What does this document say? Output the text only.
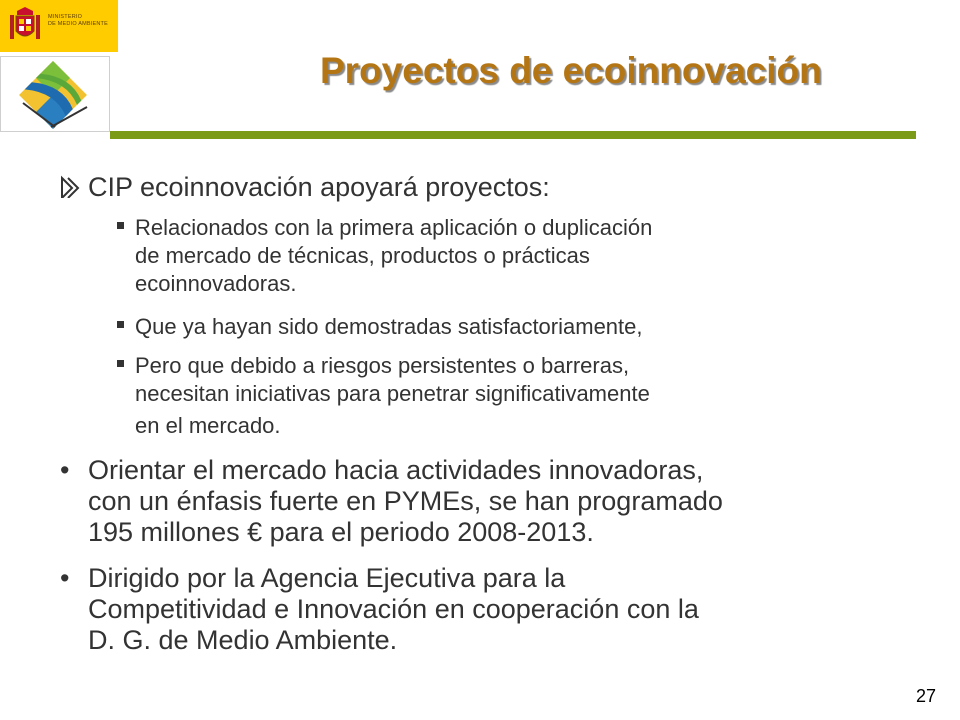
MINISTERIO
DE MEDIO AMBIENTE
Proyectos de ecoinnovación
CIP ecoinnovación apoyará proyectos:
Relacionados con la primera aplicación o duplicación
de mercado de técnicas, productos o prácticas
ecoinnovadoras.
Que ya hayan sido demostradas satisfactoriamente,
Pero que debido a riesgos persistentes o barreras,
necesitan iniciativas para penetrar significativamente
en el mercado.
• Orientar el mercado hacia actividades innovadoras,
con un énfasis fuerte en PYMEs, se han programado
195 millones € para el periodo 2008-2013.
• Dirigido por la Agencia Ejecutiva para la
Competitividad e Innovación en cooperación con la
D. G. de Medio Ambiente.
27
